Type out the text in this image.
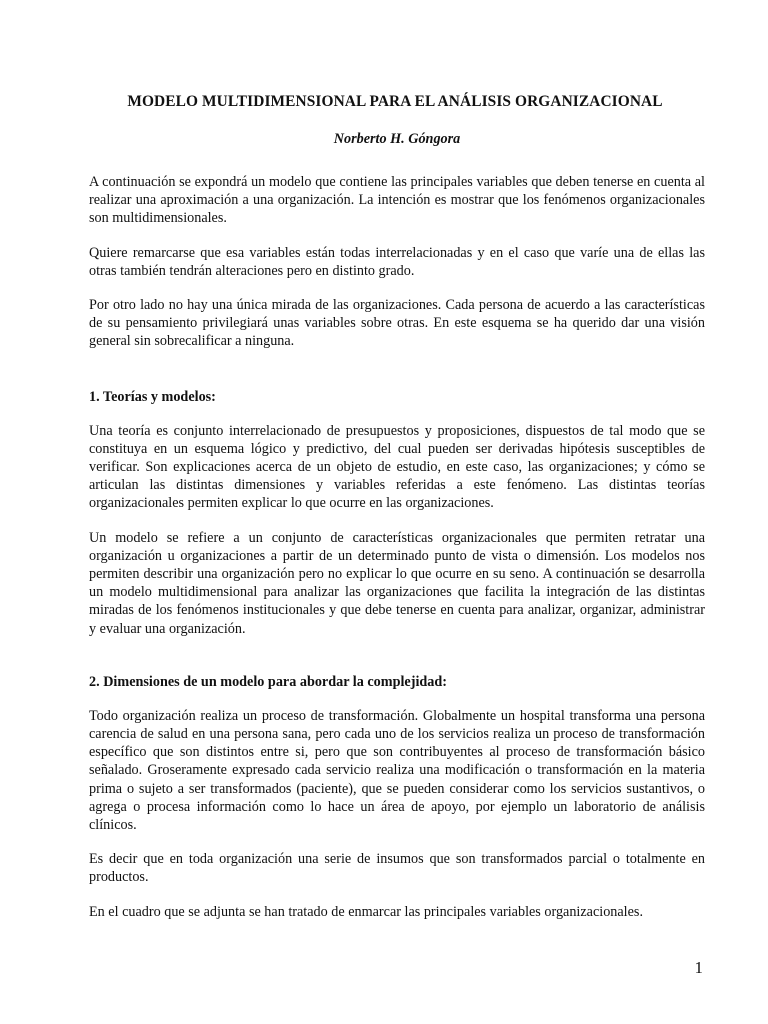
MODELO MULTIDIMENSIONAL PARA EL ANÁLISIS ORGANIZACIONAL

Norberto H. Góngora

A continuación se expondrá un modelo que contiene las principales variables que deben tenerse en cuenta al realizar una aproximación a una organización. La intención es mostrar que los fenómenos organizacionales son multidimensionales.

Quiere remarcarse que esa variables están todas interrelacionadas y en el caso que varíe una de ellas las otras también tendrán alteraciones pero en distinto grado.

Por otro lado no hay una única mirada de las organizaciones. Cada persona de acuerdo a las características de su pensamiento privilegiará unas variables sobre otras. En este esquema se ha querido dar una visión general sin sobrecalificar a ninguna.

1. Teorías y modelos:

Una teoría es conjunto interrelacionado de presupuestos y proposiciones, dispuestos de tal modo que se constituya en un esquema lógico y predictivo, del cual pueden ser derivadas hipótesis susceptibles de verificar. Son explicaciones acerca de un objeto de estudio, en este caso, las organizaciones; y cómo se articulan las distintas dimensiones y variables referidas a este fenómeno. Las distintas teorías organizacionales permiten explicar lo que ocurre en las organizaciones.

Un modelo se refiere a un conjunto de características organizacionales que permiten retratar una organización u organizaciones a partir de un determinado punto de vista o dimensión. Los modelos nos permiten describir una organización pero no explicar lo que ocurre en su seno. A continuación se desarrolla un modelo multidimensional para analizar las organizaciones que facilita la integración de las distintas miradas de los fenómenos institucionales y que debe tenerse en cuenta para analizar, organizar, administrar y evaluar una organización.

2. Dimensiones de un modelo para abordar la complejidad:

Todo organización realiza un proceso de transformación. Globalmente un hospital transforma una persona carencia de salud en una persona sana, pero cada uno de los servicios realiza un proceso de transformación específico que son distintos entre si, pero que son contribuyentes al proceso de transformación básico señalado. Groseramente expresado cada servicio realiza una modificación o transformación en la materia prima o sujeto a ser transformados (paciente), que se pueden considerar como los servicios sustantivos, o agrega o procesa información como lo hace un área de apoyo, por ejemplo un laboratorio de análisis clínicos.

Es decir que en toda organización una serie de insumos que son transformados parcial o totalmente en productos.

En el cuadro que se adjunta se han tratado de enmarcar las principales variables organizacionales.

1
